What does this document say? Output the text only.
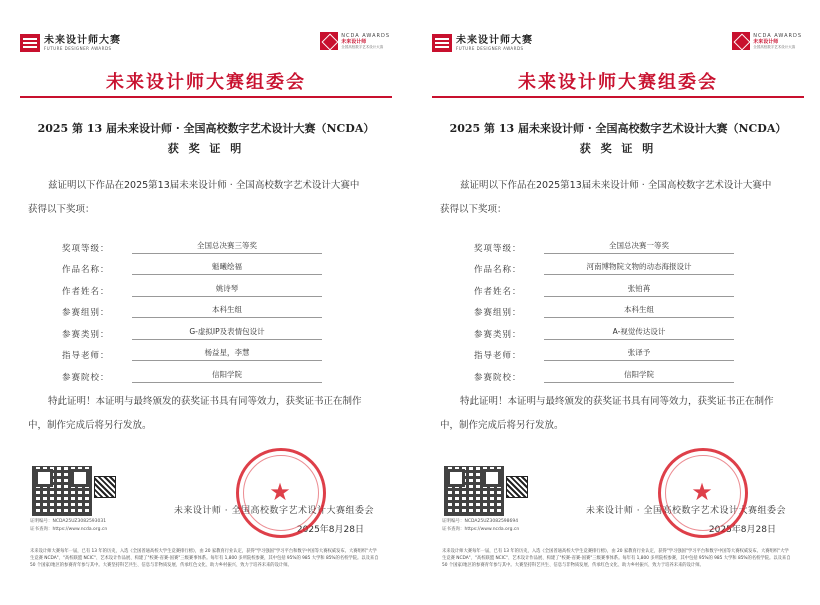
未来设计师大赛
FUTURE DESIGNER AWARDS
NCDA AWARDS
未来设计师
全国高校数字艺术设计大赛
未来设计师大赛组委会
2025 第 13 届未来设计师 · 全国高校数字艺术设计大赛（NCDA）
获 奖 证 明
兹证明以下作品在2025第13届未来设计师 · 全国高校数字艺术设计大赛中获得以下奖项：
奖项等级：	全国总决赛三等奖
作品名称：	魁曦绘福
作者姓名：	姚诗琴
参赛组别：	本科生组
参赛类别：	G-虚拟IP及表情包设计
指导老师：	杨益星，李慧
参赛院校：	信阳学院
特此证明！本证明与最终颁发的获奖证书具有同等效力，获奖证书正在制作中，制作完成后将另行发放。
证明编号：NCDA25UZ3082593031
证书查询：https://www.ncda.org.cn
未来设计师 · 全国高校数字艺术设计大赛组委会
2025年8月28日
★
未来设计师大赛每年一届，已有 13 年的历史，入选《全国普通高校大学生竞赛排行榜》，由 20 家教育行业认定，获得"学习强国"学习平台和数字中国等大赛权威发布。大赛组织"大学生竞赛 NCDA"、"高校联盟 NCIC"、艺术设计作品展、构建了"校赛-省赛-国赛"三级赛事体系。每年有 1,800 多所院校参赛，其中包括 95%的 985 大学和 85%的名校学院。以及来自 50 个国家/地区的参赛青年参与其中。大赛坚持科艺共生、信息与非物质发展、传承红色文化、助力乡村振兴、致力于培养未来的设计师。
未来设计师大赛
FUTURE DESIGNER AWARDS
NCDA AWARDS
未来设计师
全国高校数字艺术设计大赛
未来设计师大赛组委会
2025 第 13 届未来设计师 · 全国高校数字艺术设计大赛（NCDA）
获 奖 证 明
兹证明以下作品在2025第13届未来设计师 · 全国高校数字艺术设计大赛中获得以下奖项：
奖项等级：	全国总决赛一等奖
作品名称：	河南博物院文物的动态海报设计
作者姓名：	张铂苒
参赛组别：	本科生组
参赛类别：	A-视觉传达设计
指导老师：	张译予
参赛院校：	信阳学院
特此证明！本证明与最终颁发的获奖证书具有同等效力，获奖证书正在制作中，制作完成后将另行发放。
证明编号：NCDA25UZ3082598694
证书查询：https://www.ncda.org.cn
未来设计师 · 全国高校数字艺术设计大赛组委会
2025年8月28日
★
未来设计师大赛每年一届，已有 13 年的历史，入选《全国普通高校大学生竞赛排行榜》，由 20 家教育行业认定，获得"学习强国"学习平台和数字中国等大赛权威发布。大赛组织"大学生竞赛 NCDA"、"高校联盟 NCIC"、艺术设计作品展、构建了"校赛-省赛-国赛"三级赛事体系。每年有 1,800 多所院校参赛，其中包括 95%的 985 大学和 85%的名校学院。以及来自 50 个国家/地区的参赛青年参与其中。大赛坚持科艺共生、信息与非物质发展、传承红色文化、助力乡村振兴、致力于培养未来的设计师。
